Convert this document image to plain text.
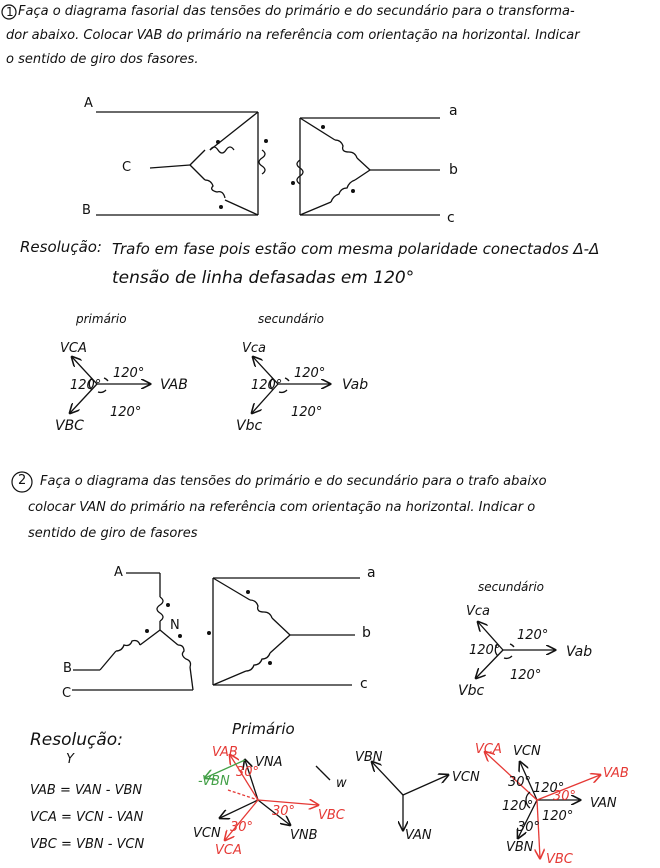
1 Faça o diagrama fasorial das tensões do primário e do secundário para o transforma-
dor abaixo. Colocar VAB do primário na referência com orientação na horizontal. Indicar
o sentido de giro dos fasores.
A
C
B
a
b
c
Resolução: Trafo em fase pois estão com mesma polaridade conectados Δ-Δ
tensão de linha defasadas em 120°
primário
VCA
120°
120°
120°
VAB
VBC
secundário
Vca
120°
120°
120°
Vab
Vbc
2 Faça o diagrama das tensões do primário e do secundário para o trafo abaixo
colocar VAN do primário na referência com orientação na horizontal. Indicar o
sentido de giro de fasores
A
N
B
C
a
b
c
secundário
Vca
120°
120°
120°
Vab
Vbc
Resolução:
Y
VAB = VAN - VBN
VCA = VCN - VAN
VBC = VBN - VCN
Primário
VAB
VNA
30°
-VBN
30° VBC
30°
VCN	VNB
VCA
w
VBN
VCN
VAN
VCA VCN
VAB
30° 120°
30° VAN
120°
120°
30°
VBN
VBC
